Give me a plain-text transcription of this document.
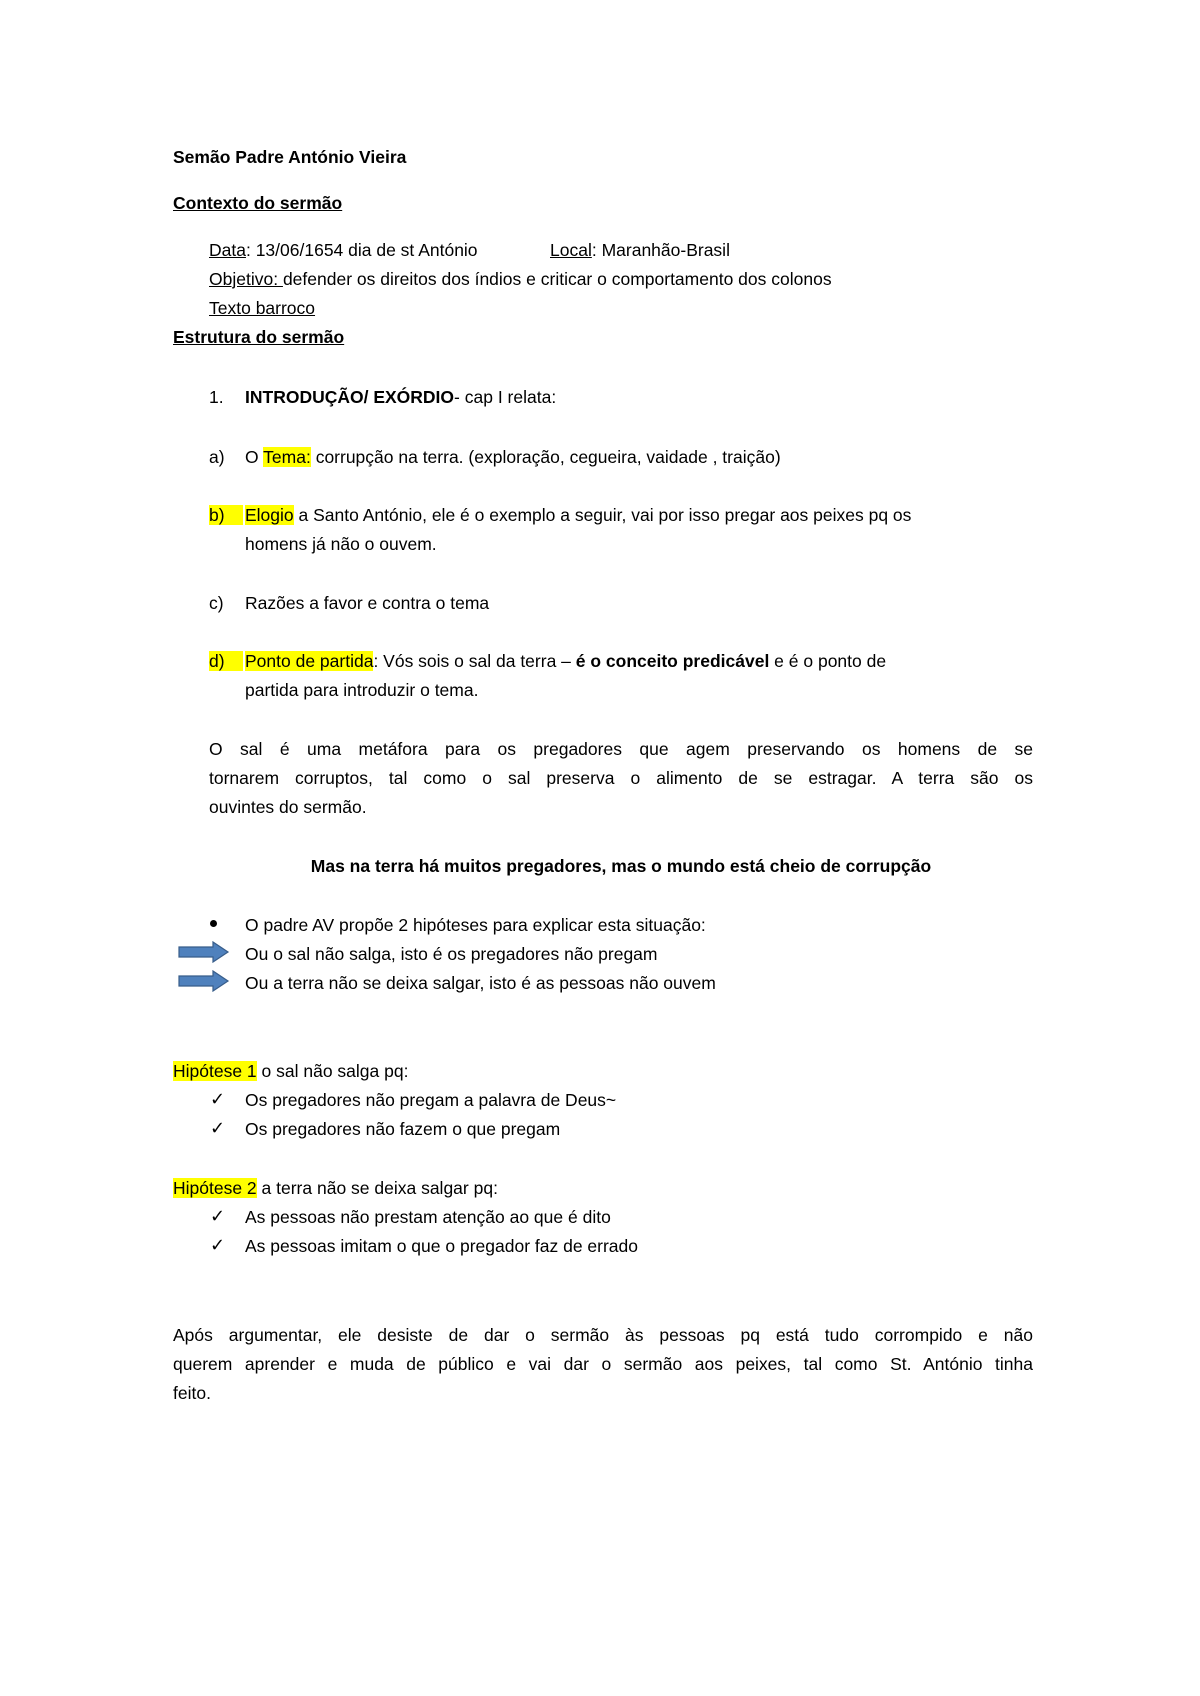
Semão Padre António Vieira
Contexto do sermão
Data: 13/06/1654 dia de st António	Local: Maranhão-Brasil
Objetivo: defender os direitos dos índios e criticar o comportamento dos colonos
Texto barroco
Estrutura do sermão
1. INTRODUÇÃO/ EXÓRDIO- cap I relata:
a) O Tema: corrupção na terra. (exploração, cegueira, vaidade , traição)
b)	Elogio a Santo António, ele é o exemplo a seguir, vai por isso pregar aos peixes pq os
homens já não o ouvem.
c) Razões a favor e contra o tema
d)	Ponto de partida: Vós sois o sal da terra – é o conceito predicável e é o ponto de
partida para introduzir o tema.
O sal é uma metáfora para os pregadores que agem preservando os homens de se
tornarem corruptos, tal como o sal preserva o alimento de se estragar. A terra são os
ouvintes do sermão.
Mas na terra há muitos pregadores, mas o mundo está cheio de corrupção
O padre AV propõe 2 hipóteses para explicar esta situação:
Ou o sal não salga, isto é os pregadores não pregam
Ou a terra não se deixa salgar, isto é as pessoas não ouvem
Hipótese 1 o sal não salga pq:
✓ Os pregadores não pregam a palavra de Deus~
✓ Os pregadores não fazem o que pregam
Hipótese 2 a terra não se deixa salgar pq:
✓ As pessoas não prestam atenção ao que é dito
✓ As pessoas imitam o que o pregador faz de errado
Após argumentar, ele desiste de dar o sermão às pessoas pq está tudo corrompido e não
querem aprender e muda de público e vai dar o sermão aos peixes, tal como St. António tinha
feito.
